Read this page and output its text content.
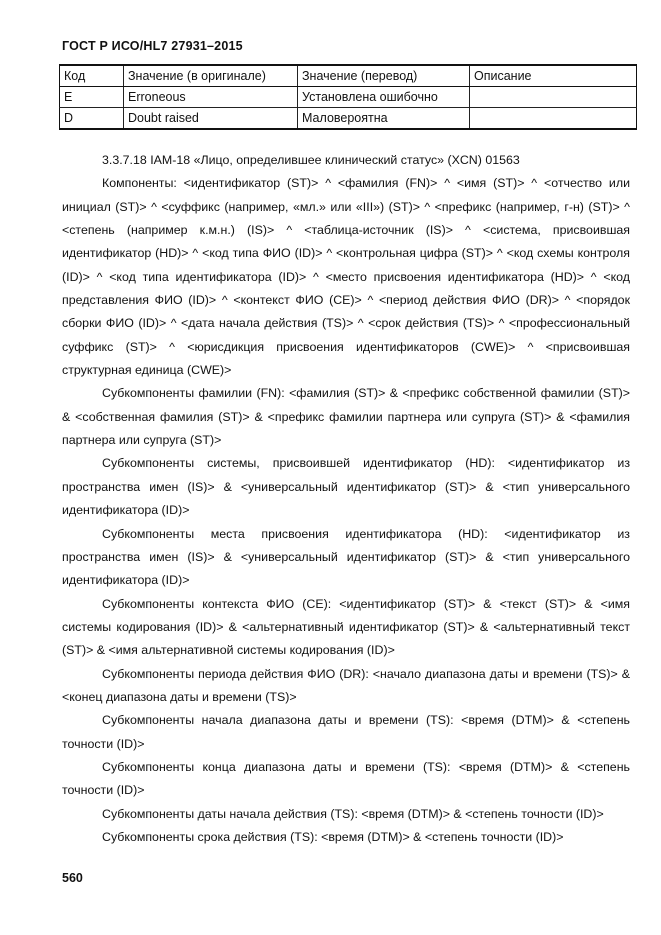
ГОСТ Р ИСО/HL7 27931–2015
Код	Значение (в оригинале)	Значение (перевод)	Описание
E	Erroneous	Установлена ошибочно	
D	Doubt raised	Маловероятна	

3.3.7.18 IAM-18 «Лицо, определившее клинический статус» (XCN) 01563

Компоненты: <идентификатор (ST)> ^ <фамилия (FN)> ^ <имя (ST)> ^ <отчество или инициал (ST)> ^ <суффикс (например, «мл.» или «III») (ST)> ^ <префикс (например, г-н) (ST)> ^ <степень (например к.м.н.) (IS)> ^ <таблица-источник (IS)> ^ <система, присвоившая идентификатор (HD)> ^ <код типа ФИО (ID)> ^ <контрольная цифра (ST)> ^ <код схемы контроля (ID)> ^ <код типа идентификатора (ID)> ^ <место присвоения идентификатора (HD)> ^ <код представления ФИО (ID)> ^ <контекст ФИО (CE)> ^ <период действия ФИО (DR)> ^ <порядок сборки ФИО (ID)> ^ <дата начала действия (TS)> ^ <срок действия (TS)> ^ <профессиональный суффикс (ST)> ^ <юрисдикция присвоения идентификаторов (CWE)> ^ <присвоившая структурная единица (CWE)>

Субкомпоненты фамилии (FN): <фамилия (ST)> & <префикс собственной фамилии (ST)> & <собственная фамилия (ST)> & <префикс фамилии партнера или супруга (ST)> & <фамилия партнера или супруга (ST)>

Субкомпоненты системы, присвоившей идентификатор (HD): <идентификатор из пространства имен (IS)> & <универсальный идентификатор (ST)> & <тип универсального идентификатора (ID)>

Субкомпоненты места присвоения идентификатора (HD): <идентификатор из пространства имен (IS)> & <универсальный идентификатор (ST)> & <тип универсального идентификатора (ID)>

Субкомпоненты контекста ФИО (CE): <идентификатор (ST)> & <текст (ST)> & <имя системы кодирования (ID)> & <альтернативный идентификатор (ST)> & <альтернативный текст (ST)> & <имя альтернативной системы кодирования (ID)>

Субкомпоненты периода действия ФИО (DR): <начало диапазона даты и времени (TS)> & <конец диапазона даты и времени (TS)>

Субкомпоненты начала диапазона даты и времени (TS): <время (DTM)> & <степень точности (ID)>

Субкомпоненты конца диапазона даты и времени (TS): <время (DTM)> & <степень точности (ID)>

Субкомпоненты даты начала действия (TS): <время (DTM)> & <степень точности (ID)>

Субкомпоненты срока действия (TS): <время (DTM)> & <степень точности (ID)>

560
